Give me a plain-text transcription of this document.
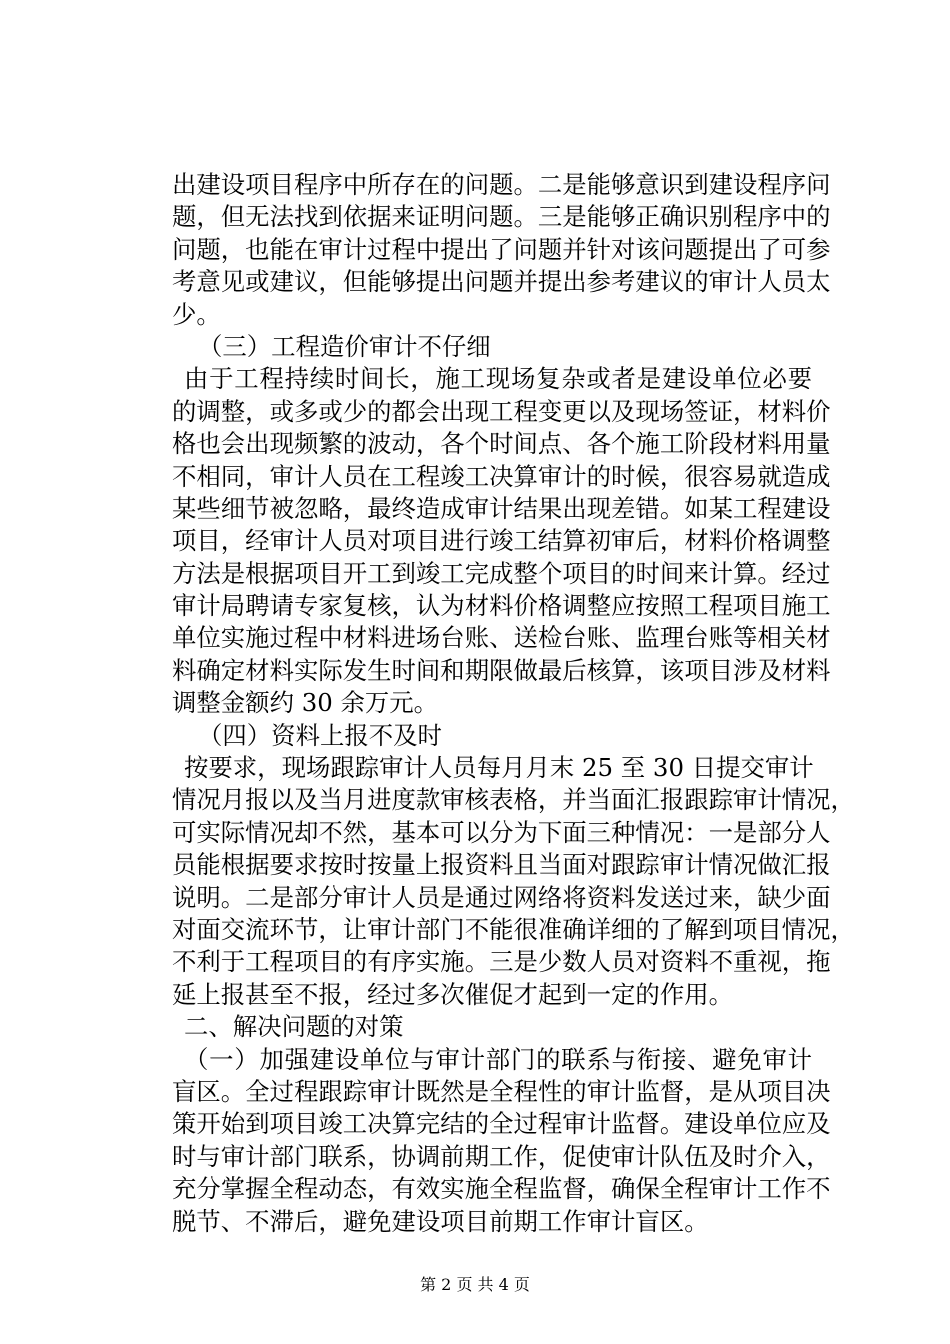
出建设项目程序中所存在的问题。二是能够意识到建设程序问
题，但无法找到依据来证明问题。三是能够正确识别程序中的
问题，也能在审计过程中提出了问题并针对该问题提出了可参
考意见或建议，但能够提出问题并提出参考建议的审计人员太
少。
（三）工程造价审计不仔细
由于工程持续时间长，施工现场复杂或者是建设单位必要
的调整，或多或少的都会出现工程变更以及现场签证，材料价
格也会出现频繁的波动，各个时间点、各个施工阶段材料用量
不相同，审计人员在工程竣工决算审计的时候，很容易就造成
某些细节被忽略，最终造成审计结果出现差错。如某工程建设
项目，经审计人员对项目进行竣工结算初审后，材料价格调整
方法是根据项目开工到竣工完成整个项目的时间来计算。经过
审计局聘请专家复核，认为材料价格调整应按照工程项目施工
单位实施过程中材料进场台账、送检台账、监理台账等相关材
料确定材料实际发生时间和期限做最后核算，该项目涉及材料
调整金额约 30 余万元。
（四）资料上报不及时
按要求，现场跟踪审计人员每月月末 25 至 30 日提交审计
情况月报以及当月进度款审核表格，并当面汇报跟踪审计情况，
可实际情况却不然，基本可以分为下面三种情况：一是部分人
员能根据要求按时按量上报资料且当面对跟踪审计情况做汇报
说明。二是部分审计人员是通过网络将资料发送过来，缺少面
对面交流环节，让审计部门不能很准确详细的了解到项目情况，
不利于工程项目的有序实施。三是少数人员对资料不重视，拖
延上报甚至不报，经过多次催促才起到一定的作用。
二、解决问题的对策
（一）加强建设单位与审计部门的联系与衔接、避免审计
盲区。全过程跟踪审计既然是全程性的审计监督，是从项目决
策开始到项目竣工决算完结的全过程审计监督。建设单位应及
时与审计部门联系，协调前期工作，促使审计队伍及时介入，
充分掌握全程动态，有效实施全程监督，确保全程审计工作不
脱节、不滞后，避免建设项目前期工作审计盲区。
第 2 页 共 4 页
